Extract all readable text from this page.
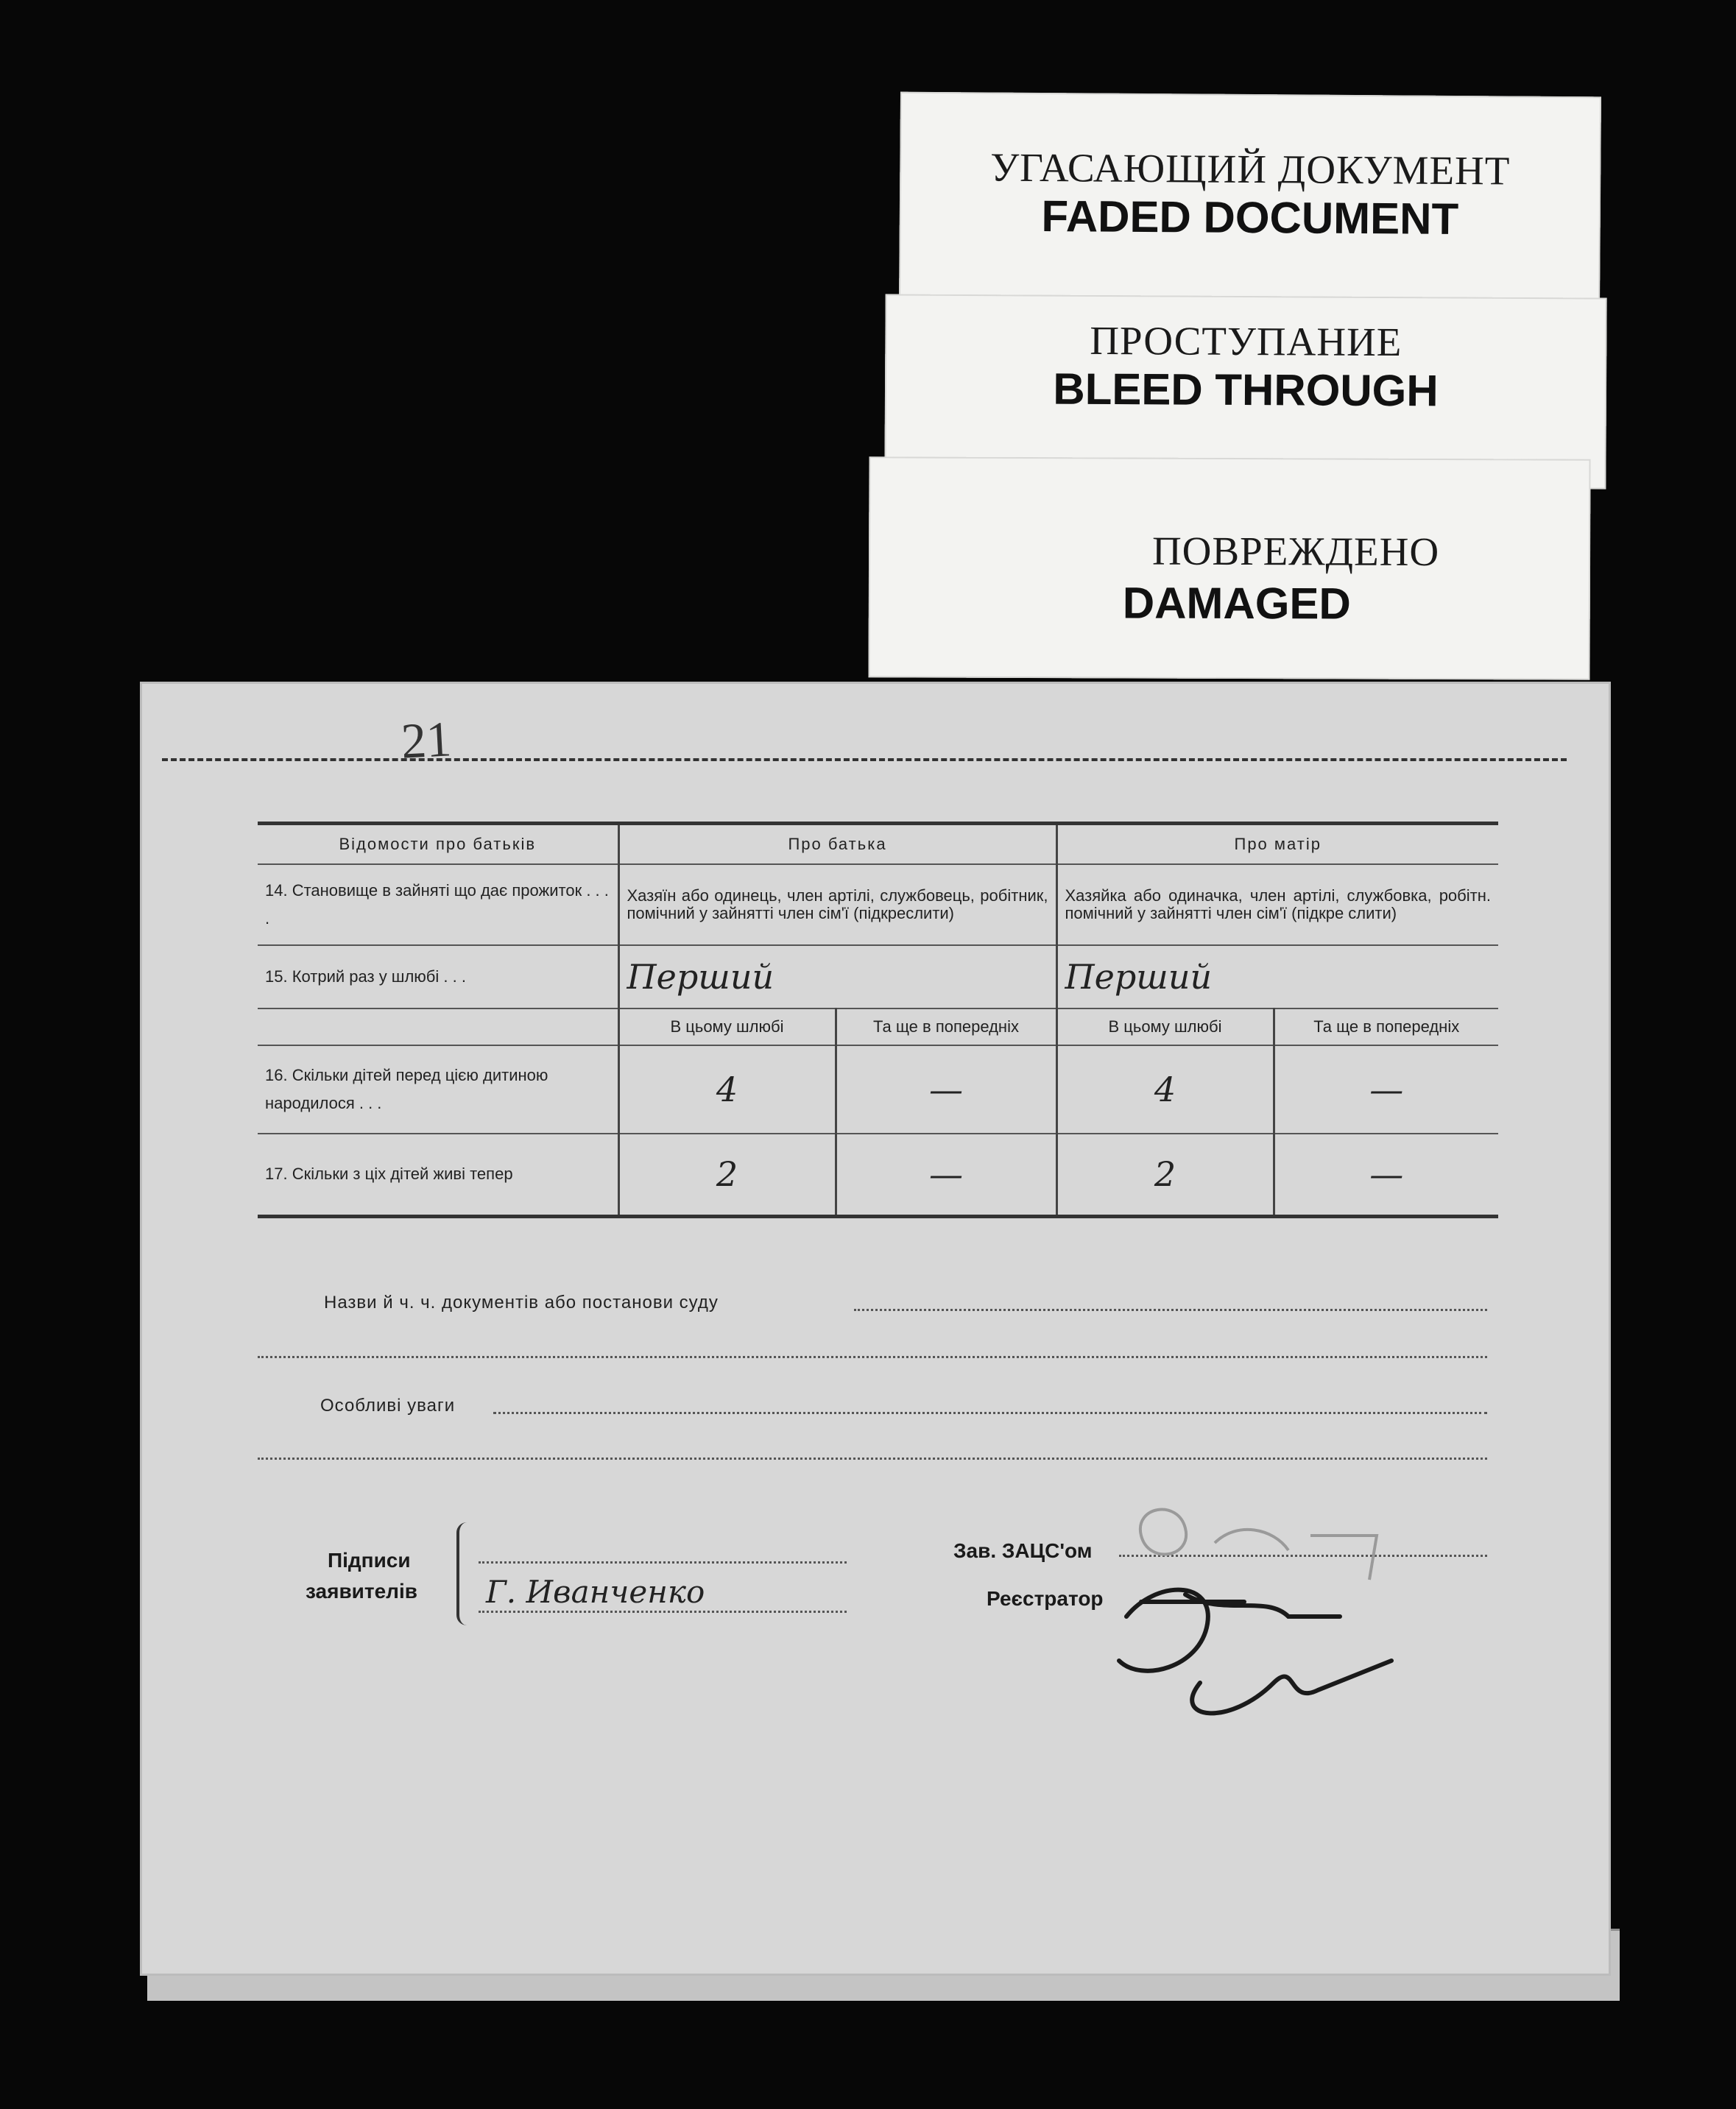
УГАСАЮЩИЙ ДОКУМЕНТ
FADED DOCUMENT
ПРОСТУПАНИЕ
BLEED THROUGH
ПОВРЕЖДЕНО
DAMAGED
21
Відомости про батьків	Про батька		Про матір	
14. Становище в зайняті що дає прожиток . . . .	Хазяїн або одинець, член артілі, службовець, робітник, помічний у зайнятті член сім'ї (підкреслити)		Хазяйка або одиначка, член артілі, службовка, робітн. помічний у зайнятті член сім'ї (підкре слити)	
15. Котрий раз у шлюбі . . .	Перший		Перший	
	В цьому шлюбі	Та ще в попередніх	В цьому шлюбі	Та ще в попередніх
16. Скільки дітей перед цією дитиною народилося . . .	4	—	4	—
17. Скільки з ціх дітей живі тепер	2	—	2	—
Назви й ч. ч. документів або постанови суду
Особливі уваги
Підписи
заявителів Г. Иванченко
Зав. ЗАЦС'ом
Реєстратор
